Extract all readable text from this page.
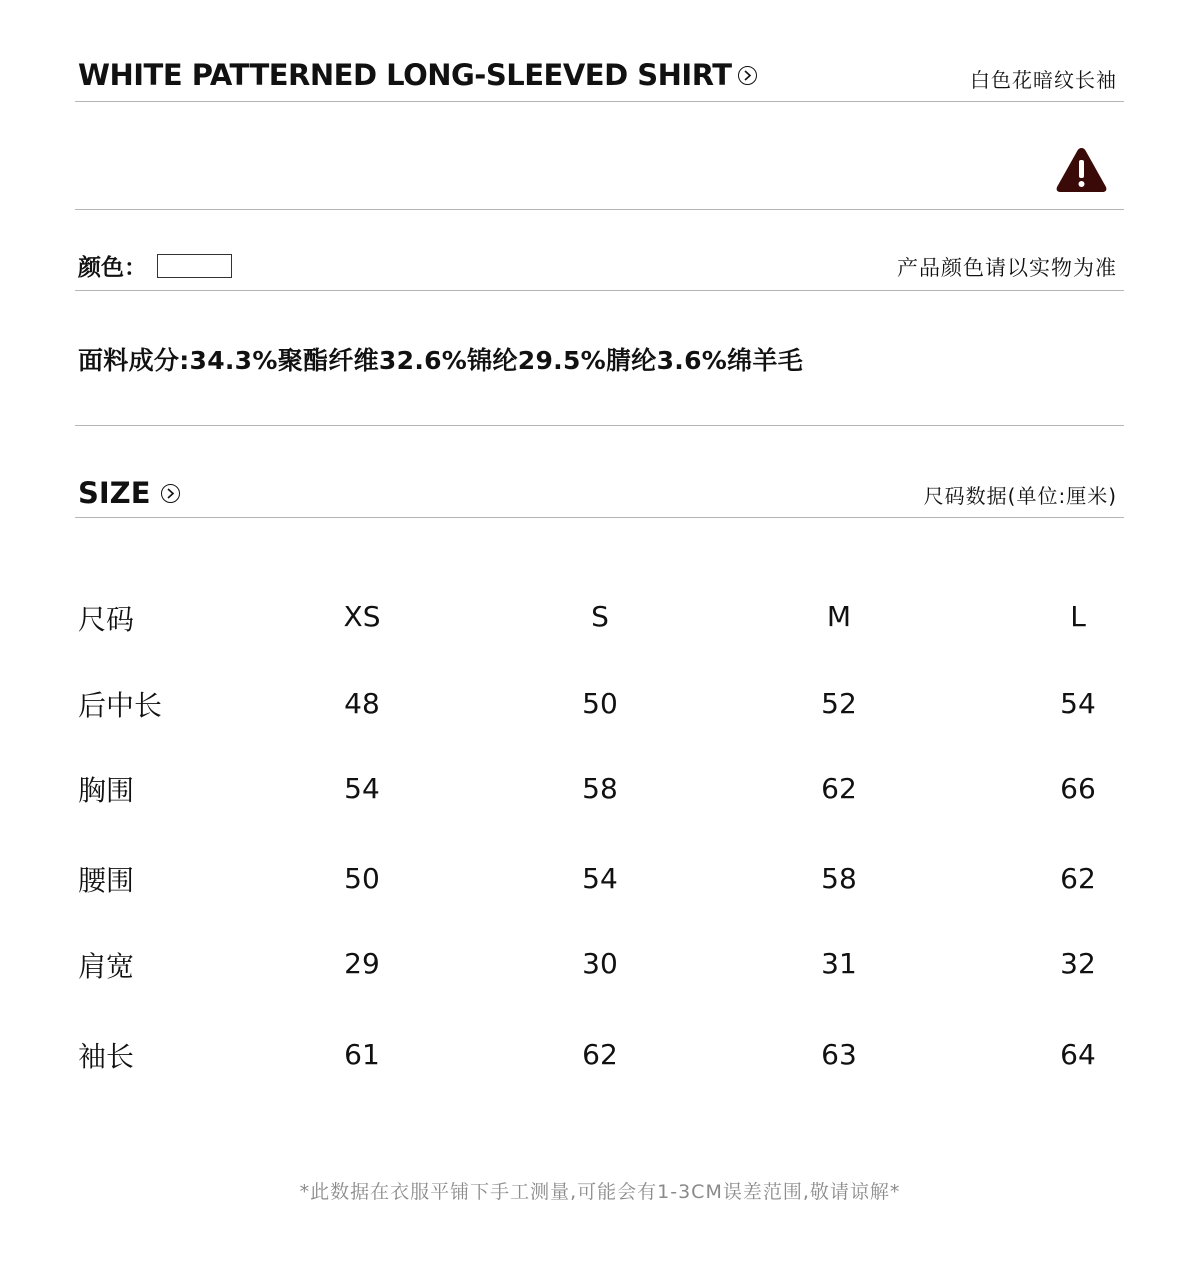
WHITE PATTERNED LONG-SLEEVED SHIRT	白色花暗纹长袖
颜色：	产品颜色请以实物为准
面料成分:34.3%聚酯纤维32.6%锦纶29.5%腈纶3.6%绵羊毛
SIZE	尺码数据(单位:厘米)
尺码	XS	S	M	L
后中长	48	50	52	54
胸围	54	58	62	66
腰围	50	54	58	62
肩宽	29	30	31	32
袖长	61	62	63	64
*此数据在衣服平铺下手工测量,可能会有1-3CM误差范围,敬请谅解*
